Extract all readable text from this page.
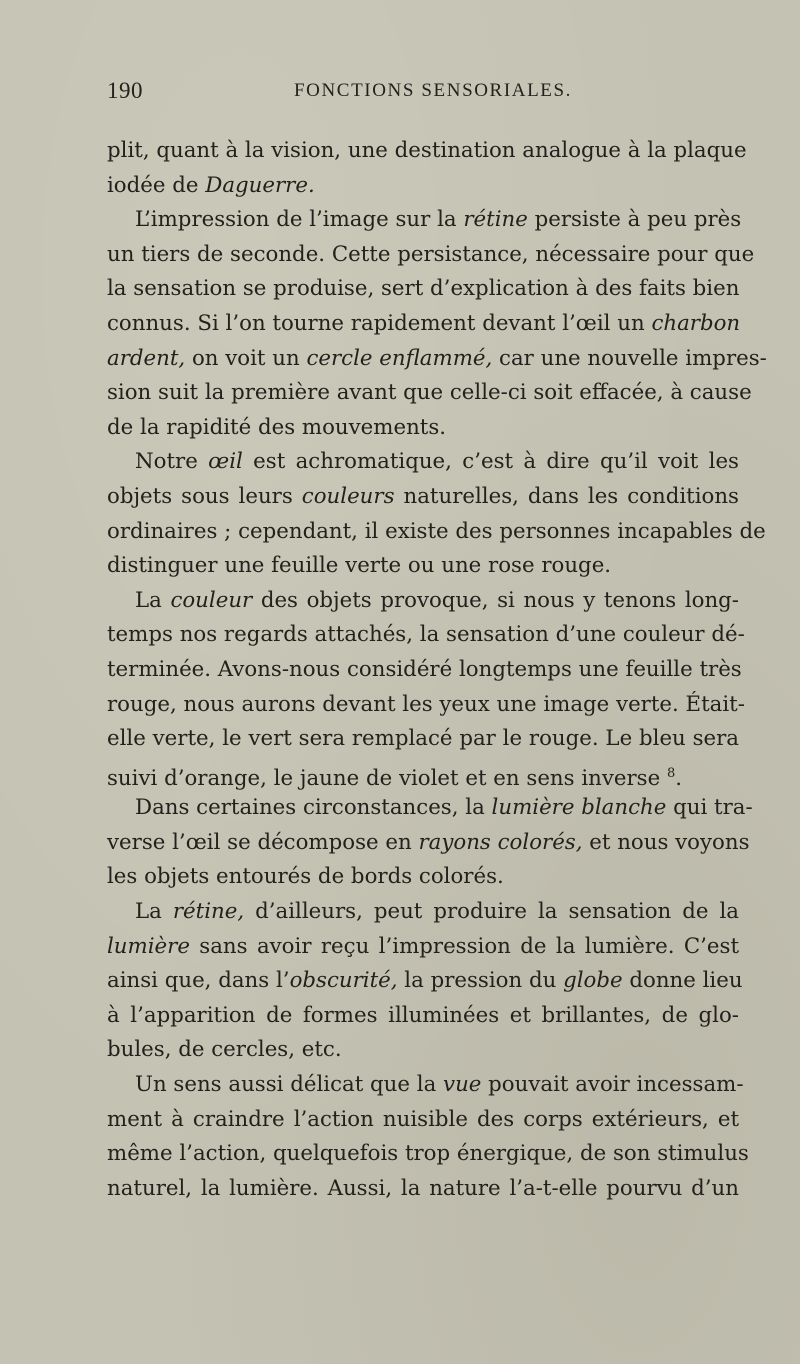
190	FONCTIONS SENSORIALES.
plit, quant à la vision, une destination analogue à la plaque
iodée de Daguerre.
L’impression de l’image sur la rétine persiste à peu près
un tiers de seconde. Cette persistance, nécessaire pour que
la sensation se produise, sert d’explication à des faits bien
connus. Si l’on tourne rapidement devant l’œil un charbon
ardent, on voit un cercle enflammé, car une nouvelle impres-
sion suit la première avant que celle-ci soit effacée, à cause
de la rapidité des mouvements.
Notre œil est achromatique, c’est à dire qu’il voit les
objets sous leurs couleurs naturelles, dans les conditions
ordinaires ; cependant, il existe des personnes incapables de
distinguer une feuille verte ou une rose rouge.
La couleur des objets provoque, si nous y tenons long-
temps nos regards attachés, la sensation d’une couleur dé-
terminée. Avons-nous considéré longtemps une feuille très
rouge, nous aurons devant les yeux une image verte. Était-
elle verte, le vert sera remplacé par le rouge. Le bleu sera
suivi d’orange, le jaune de violet et en sens inverse $^8$.
Dans certaines circonstances, la lumière blanche qui tra-
verse l’œil se décompose en rayons colorés, et nous voyons
les objets entourés de bords colorés.
La rétine, d’ailleurs, peut produire la sensation de la
lumière sans avoir reçu l’impression de la lumière. C’est
ainsi que, dans l’obscurité, la pression du globe donne lieu
à l’apparition de formes illuminées et brillantes, de glo-
bules, de cercles, etc.
Un sens aussi délicat que la vue pouvait avoir incessam-
ment à craindre l’action nuisible des corps extérieurs, et
même l’action, quelquefois trop énergique, de son stimulus
naturel, la lumière. Aussi, la nature l’a-t-elle pourvu d’un
